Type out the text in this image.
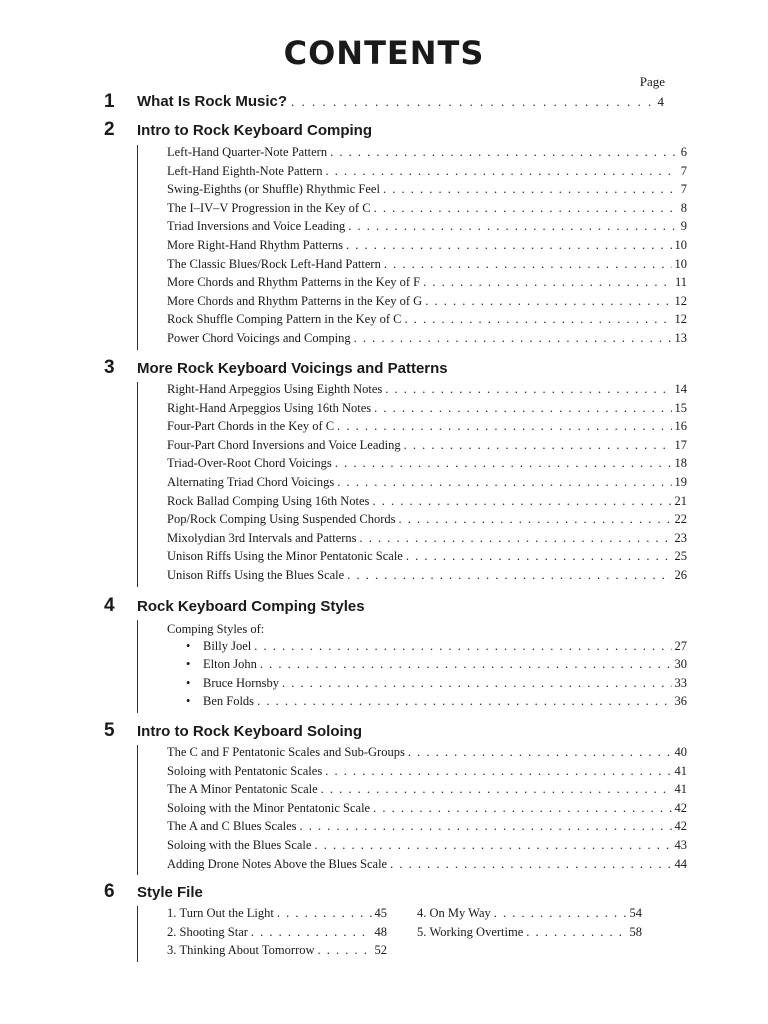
CONTENTS
Page
1 What Is Rock Music? . . .	4
2 Intro to Rock Keyboard Comping
Left-Hand Quarter-Note Pattern . . .	6
Left-Hand Eighth-Note Pattern . . .	7
Swing-Eighths (or Shuffle) Rhythmic Feel . . .	7
The I–IV–V Progression in the Key of C . . .	8
Triad Inversions and Voice Leading . . .	9
More Right-Hand Rhythm Patterns . . .	10
The Classic Blues/Rock Left-Hand Pattern . . .	10
More Chords and Rhythm Patterns in the Key of F . . .	11
More Chords and Rhythm Patterns in the Key of G . . .	12
Rock Shuffle Comping Pattern in the Key of C . . .	12
Power Chord Voicings and Comping . . .	13
3 More Rock Keyboard Voicings and Patterns
Right-Hand Arpeggios Using Eighth Notes . . .	14
Right-Hand Arpeggios Using 16th Notes . . .	15
Four-Part Chords in the Key of C . . .	16
Four-Part Chord Inversions and Voice Leading . . .	17
Triad-Over-Root Chord Voicings . . .	18
Alternating Triad Chord Voicings . . .	19
Rock Ballad Comping Using 16th Notes . . .	21
Pop/Rock Comping Using Suspended Chords . . .	22
Mixolydian 3rd Intervals and Patterns . . .	23
Unison Riffs Using the Minor Pentatonic Scale . . .	25
Unison Riffs Using the Blues Scale . . .	26
4 Rock Keyboard Comping Styles
Comping Styles of:
•	Billy Joel . . .	27
•	Elton John . . .	30
•	Bruce Hornsby . . .	33
•	Ben Folds . . .	36
5 Intro to Rock Keyboard Soloing
The C and F Pentatonic Scales and Sub-Groups . . .	40
Soloing with Pentatonic Scales . . .	41
The A Minor Pentatonic Scale . . .	41
Soloing with the Minor Pentatonic Scale . . .	42
The A and C Blues Scales . . .	42
Soloing with the Blues Scale . . .	43
Adding Drone Notes Above the Blues Scale . . .	44
6 Style File
1.
Turn Out the Light . . .	45
2.
Shooting Star . . .	48
3.
Thinking About Tomorrow . . .	52
4.
On My Way . . .	54
5.
Working Overtime . . .	58
